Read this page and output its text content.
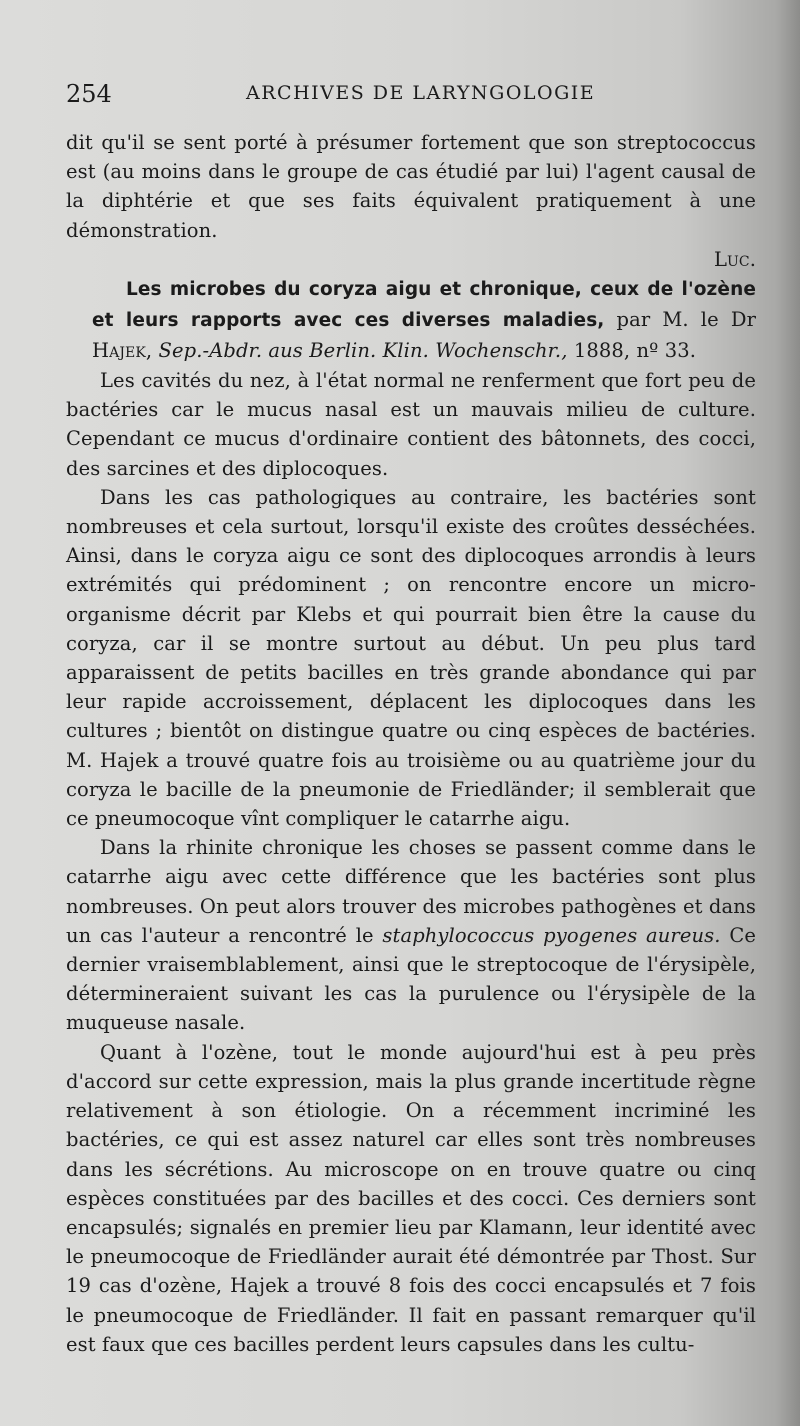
254	ARCHIVES DE LARYNGOLOGIE

dit qu'il se sent porté à présumer fortement que son streptococcus est (au moins dans le groupe de cas étudié par lui) l'agent causal de la diphtérie et que ses faits équivalent pratiquement à une démonstration.

Luc.

Les microbes du coryza aigu et chronique, ceux de l'ozène et leurs rapports avec ces diverses maladies, par M. le Dr Hajek, Sep.-Abdr. aus Berlin. Klin. Wochenschr., 1888, nº 33.

Les cavités du nez, à l'état normal ne renferment que fort peu de bactéries car le mucus nasal est un mauvais milieu de culture. Cependant ce mucus d'ordinaire contient des bâtonnets, des cocci, des sarcines et des diplocoques.

Dans les cas pathologiques au contraire, les bactéries sont nombreuses et cela surtout, lorsqu'il existe des croûtes desséchées. Ainsi, dans le coryza aigu ce sont des diplocoques arrondis à leurs extrémités qui prédominent ; on rencontre encore un micro-organisme décrit par Klebs et qui pourrait bien être la cause du coryza, car il se montre surtout au début. Un peu plus tard apparaissent de petits bacilles en très grande abondance qui par leur rapide accroissement, déplacent les diplocoques dans les cultures ; bientôt on distingue quatre ou cinq espèces de bactéries. M. Hajek a trouvé quatre fois au troisième ou au quatrième jour du coryza le bacille de la pneumonie de Friedländer; il semblerait que ce pneumocoque vînt compliquer le catarrhe aigu.

Dans la rhinite chronique les choses se passent comme dans le catarrhe aigu avec cette différence que les bactéries sont plus nombreuses. On peut alors trouver des microbes pathogènes et dans un cas l'auteur a rencontré le staphylococcus pyogenes aureus. Ce dernier vraisemblablement, ainsi que le streptocoque de l'érysipèle, détermineraient suivant les cas la purulence ou l'érysipèle de la muqueuse nasale.

Quant à l'ozène, tout le monde aujourd'hui est à peu près d'accord sur cette expression, mais la plus grande incertitude règne relativement à son étiologie. On a récemment incriminé les bactéries, ce qui est assez naturel car elles sont très nombreuses dans les sécrétions. Au microscope on en trouve quatre ou cinq espèces constituées par des bacilles et des cocci. Ces derniers sont encapsulés; signalés en premier lieu par Klamann, leur identité avec le pneumocoque de Friedländer aurait été démontrée par Thost. Sur 19 cas d'ozène, Hajek a trouvé 8 fois des cocci encapsulés et 7 fois le pneumocoque de Friedländer. Il fait en passant remarquer qu'il est faux que ces bacilles perdent leurs capsules dans les cultu-
